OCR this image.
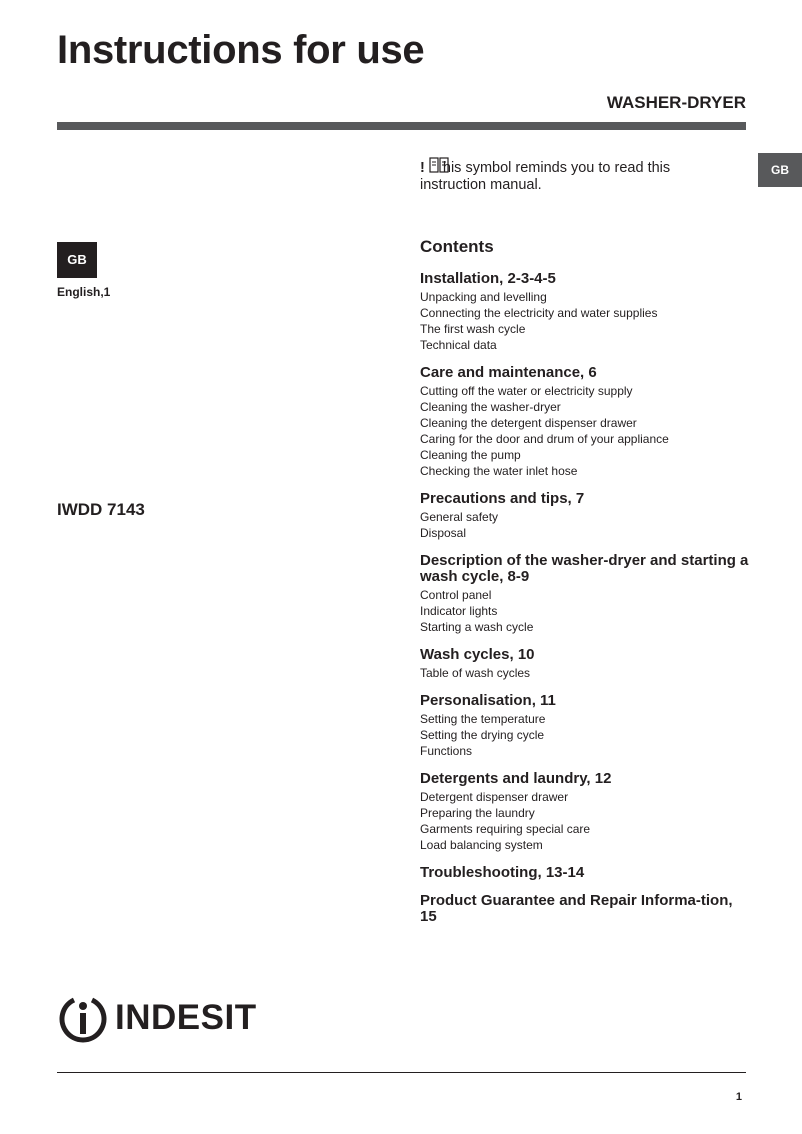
Instructions for use
WASHER-DRYER
GB
! his symbol reminds you to read this instruction manual.
GB
English,1
IWDD 7143
Contents
Installation, 2-3-4-5
Unpacking and levelling
Connecting the electricity and water supplies
The first wash cycle
Technical data
Care and maintenance, 6
Cutting off the water or electricity supply
Cleaning the washer-dryer
Cleaning the detergent dispenser drawer
Caring for the door and drum of your appliance
Cleaning the pump
Checking the water inlet hose
Precautions and tips, 7
General safety
Disposal
Description of the washer-dryer and starting a wash cycle, 8-9
Control panel
Indicator lights
Starting a wash cycle
Wash cycles, 10
Table of wash cycles
Personalisation, 11
Setting the temperature
Setting the drying cycle
Functions
Detergents and laundry, 12
Detergent dispenser drawer
Preparing the laundry
Garments requiring special care
Load balancing system
Troubleshooting, 13-14
Product Guarantee and Repair Informa-tion, 15
INDESIT
1
